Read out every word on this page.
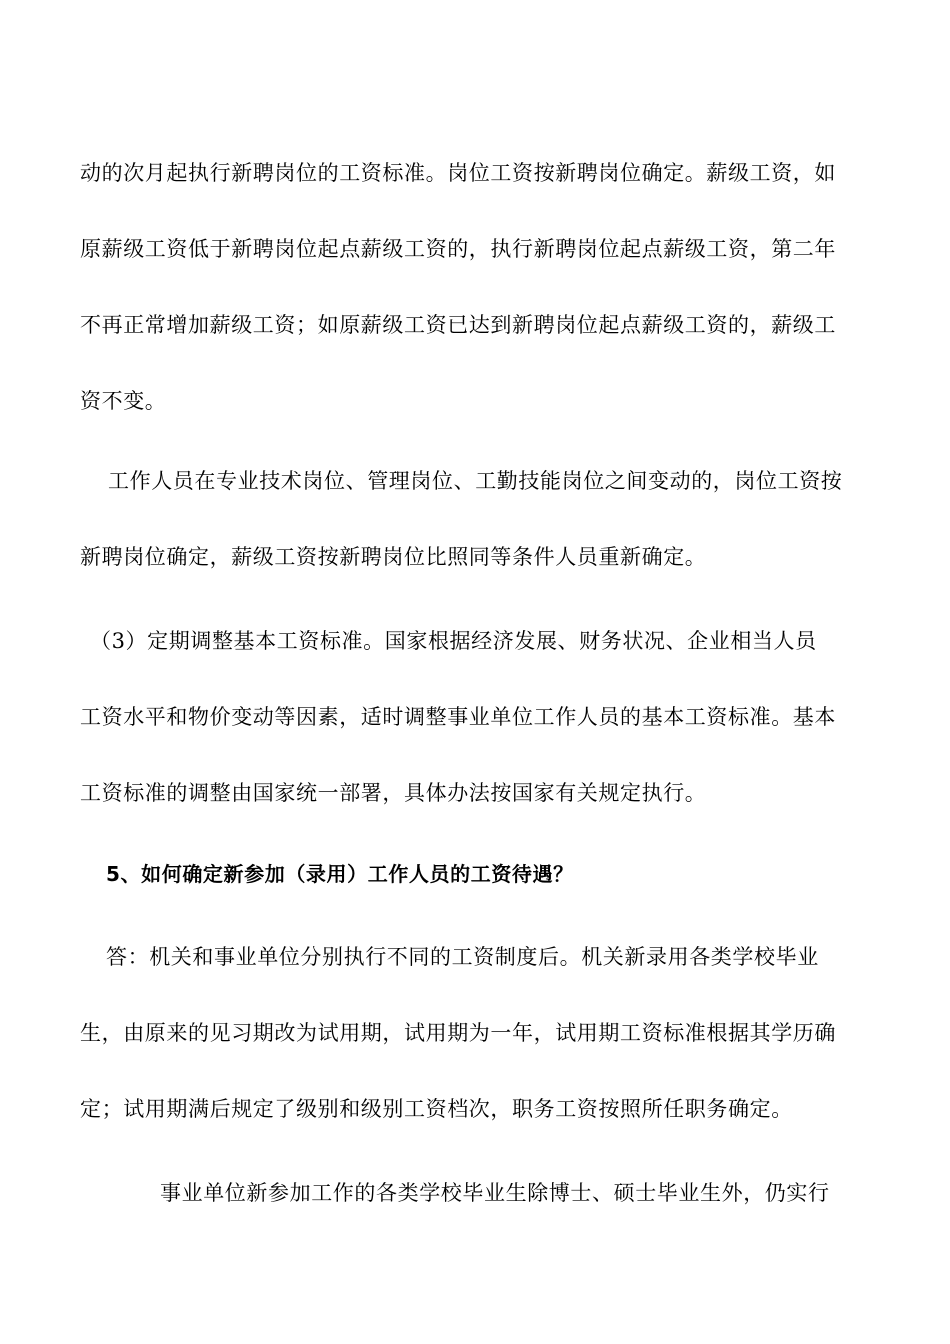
动的次月起执行新聘岗位的工资标准。岗位工资按新聘岗位确定。薪级工资，如
原薪级工资低于新聘岗位起点薪级工资的，执行新聘岗位起点薪级工资，第二年
不再正常增加薪级工资；如原薪级工资已达到新聘岗位起点薪级工资的，薪级工
资不变。
工作人员在专业技术岗位、管理岗位、工勤技能岗位之间变动的，岗位工资按
新聘岗位确定，薪级工资按新聘岗位比照同等条件人员重新确定。
（3）定期调整基本工资标准。国家根据经济发展、财务状况、企业相当人员
工资水平和物价变动等因素，适时调整事业单位工作人员的基本工资标准。基本
工资标准的调整由国家统一部署，具体办法按国家有关规定执行。
5、如何确定新参加（录用）工作人员的工资待遇？
答：机关和事业单位分别执行不同的工资制度后。机关新录用各类学校毕业
生，由原来的见习期改为试用期，试用期为一年，试用期工资标准根据其学历确
定；试用期满后规定了级别和级别工资档次，职务工资按照所任职务确定。
事业单位新参加工作的各类学校毕业生除博士、硕士毕业生外，仍实行
